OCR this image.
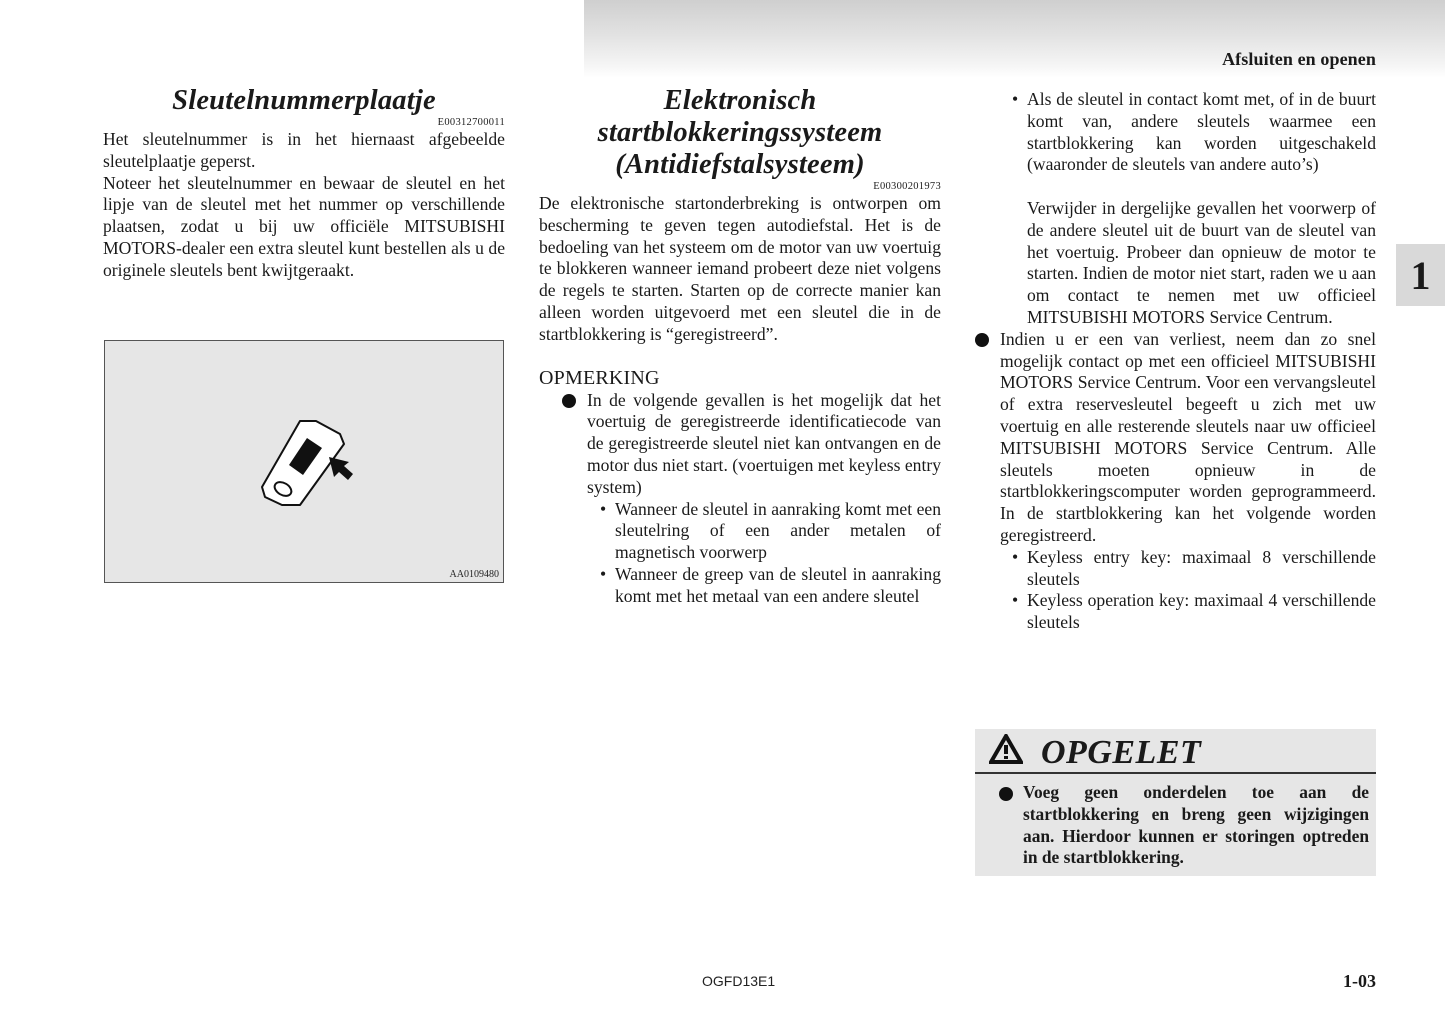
Afsluiten en openen
1
Sleutelnummerplaatje
E00312700011

Het sleutelnummer is in het hiernaast afgebeelde sleutelplaatje geperst.

Noteer het sleutelnummer en bewaar de sleutel en het lipje van de sleutel met het nummer op verschillende plaatsen, zodat u bij uw officiële MITSUBISHI MOTORS-dealer een extra sleutel kunt bestellen als u de originele sleutels bent kwijtgeraakt.

AA0109480
Elektronisch
startblokkeringssysteem
(Antidiefstalsysteem)
E00300201973

De elektronische startonderbreking is ontworpen om bescherming te geven tegen autodiefstal. Het is de bedoeling van het systeem om de motor van uw voertuig te blokkeren wanneer iemand probeert deze niet volgens de regels te starten. Starten op de correcte manier kan alleen worden uitgevoerd met een sleutel die in de startblokkering is “geregistreerd”.

OPMERKING
In de volgende gevallen is het mogelijk dat het voertuig de geregistreerde identificatiecode van de geregistreerde sleutel niet kan ontvangen en de motor dus niet start. (voertuigen met keyless entry system)
• Wanneer de sleutel in aanraking komt met een sleutelring of een ander metalen of magnetisch voorwerp
• Wanneer de greep van de sleutel in aanraking komt met het metaal van een andere sleutel
• Als de sleutel in contact komt met, of in de buurt komt van, andere sleutels waarmee een startblokkering kan worden uitgeschakeld (waaronder de sleutels van andere auto’s)

Verwijder in dergelijke gevallen het voorwerp of de andere sleutel uit de buurt van de sleutel van het voertuig. Probeer dan opnieuw de motor te starten. Indien de motor niet start, raden we u aan om contact te nemen met uw officieel MITSUBISHI MOTORS Service Centrum.

Indien u er een van verliest, neem dan zo snel mogelijk contact op met een officieel MITSUBISHI MOTORS Service Centrum. Voor een vervangsleutel of extra reservesleutel begeeft u zich met uw voertuig en alle resterende sleutels naar uw officieel MITSUBISHI MOTORS Service Centrum. Alle sleutels moeten opnieuw in de startblokkeringscomputer worden geprogrammeerd. In de startblokkering kan het volgende worden geregistreerd.
• Keyless entry key: maximaal 8 verschillende sleutels
• Keyless operation key: maximaal 4 verschillende sleutels
OPGELET
Voeg geen onderdelen toe aan de startblokkering en breng geen wijzigingen aan. Hierdoor kunnen er storingen optreden in de startblokkering.
OGFD13E1	1-03
